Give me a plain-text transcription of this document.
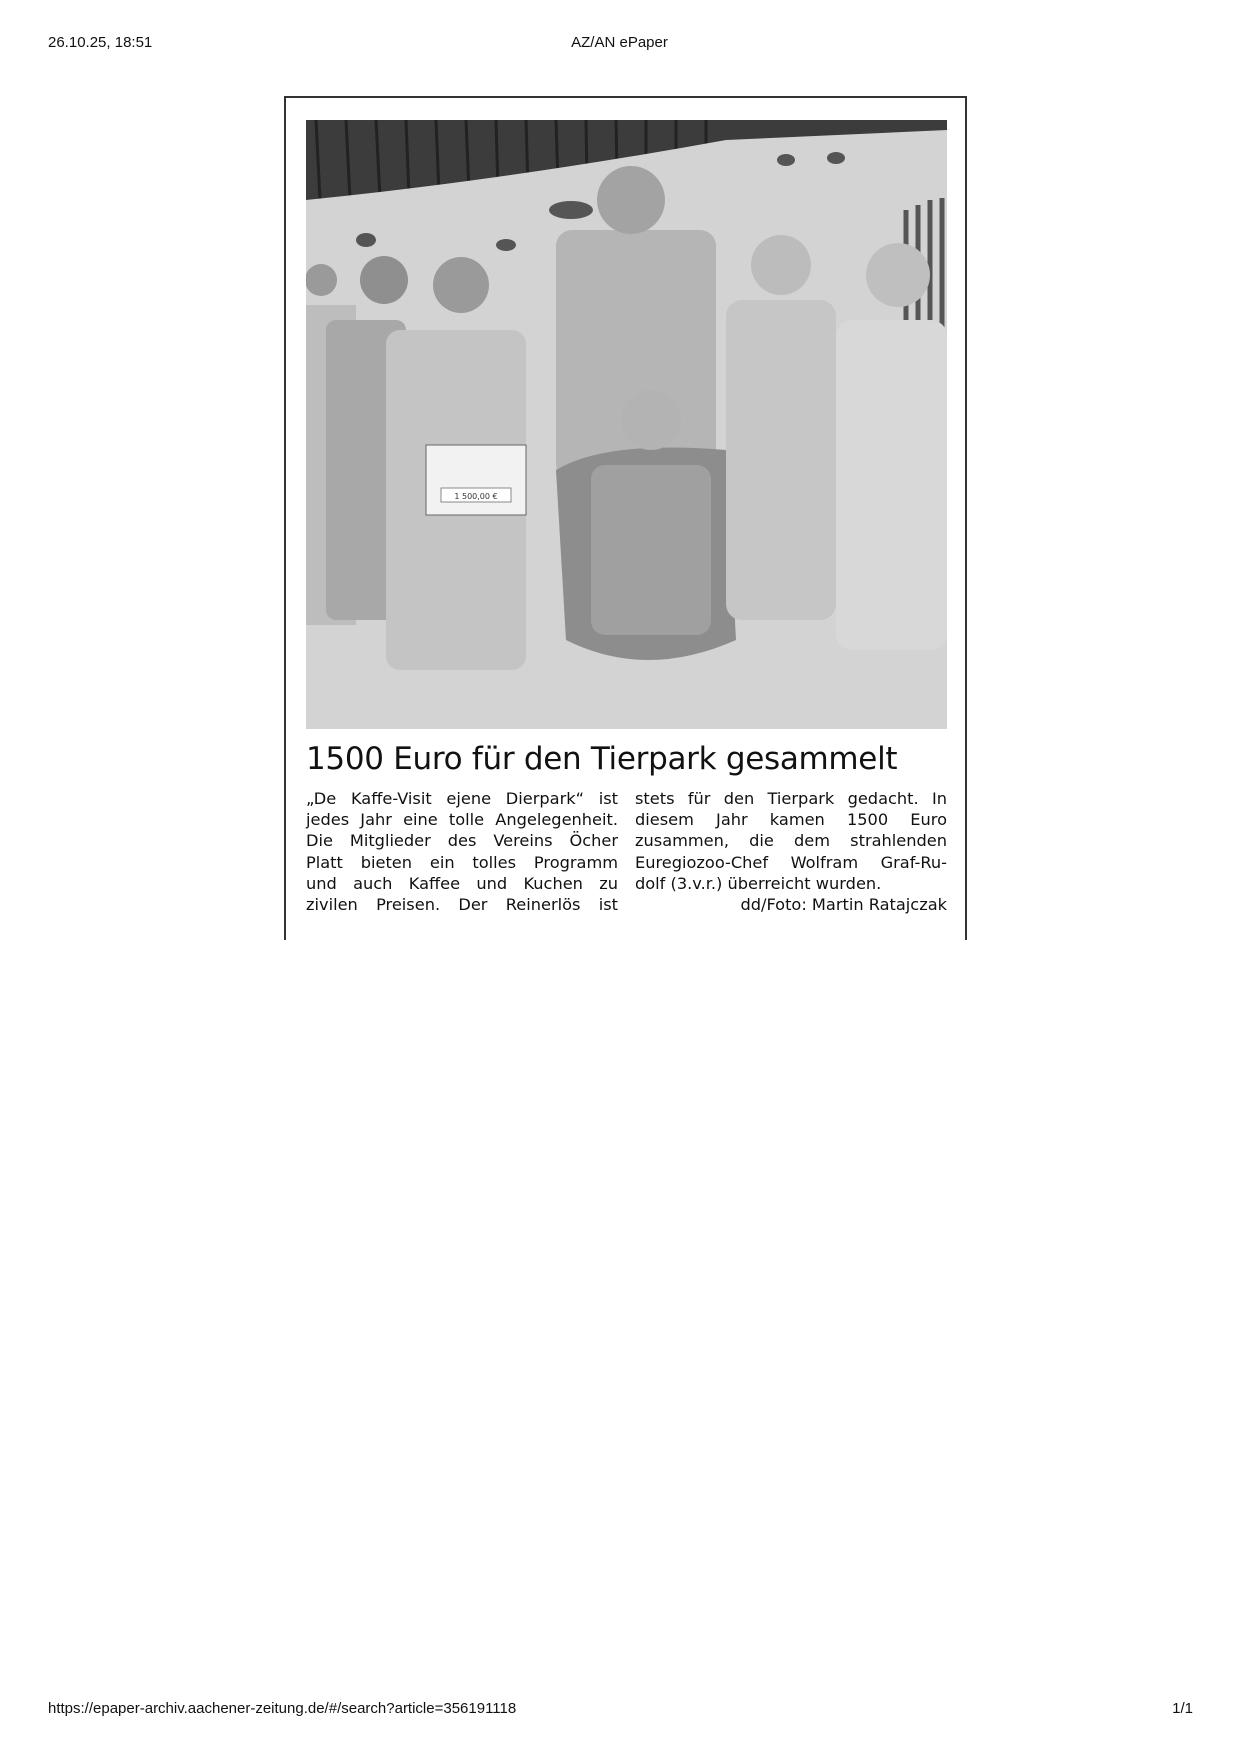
26.10.25, 18:51	AZ/AN ePaper
1 500,00 €
1500 Euro für den Tierpark gesammelt
„De Kaffe-Visit ejene Dierpark“ ist
jedes Jahr eine tolle Angelegenheit.
Die Mitglieder des Vereins Öcher
Platt bieten ein tolles Programm
und auch Kaffee und Kuchen zu
zivilen Preisen. Der Reinerlös ist
stets für den Tierpark gedacht. In
diesem Jahr kamen 1500 Euro
zusammen, die dem strahlenden
Euregiozoo-Chef Wolfram Graf-Ru-
dolf (3.v.r.) überreicht wurden.
dd/Foto: Martin Ratajczak
https://epaper-archiv.aachener-zeitung.de/#/search?article=356191118	1/1
